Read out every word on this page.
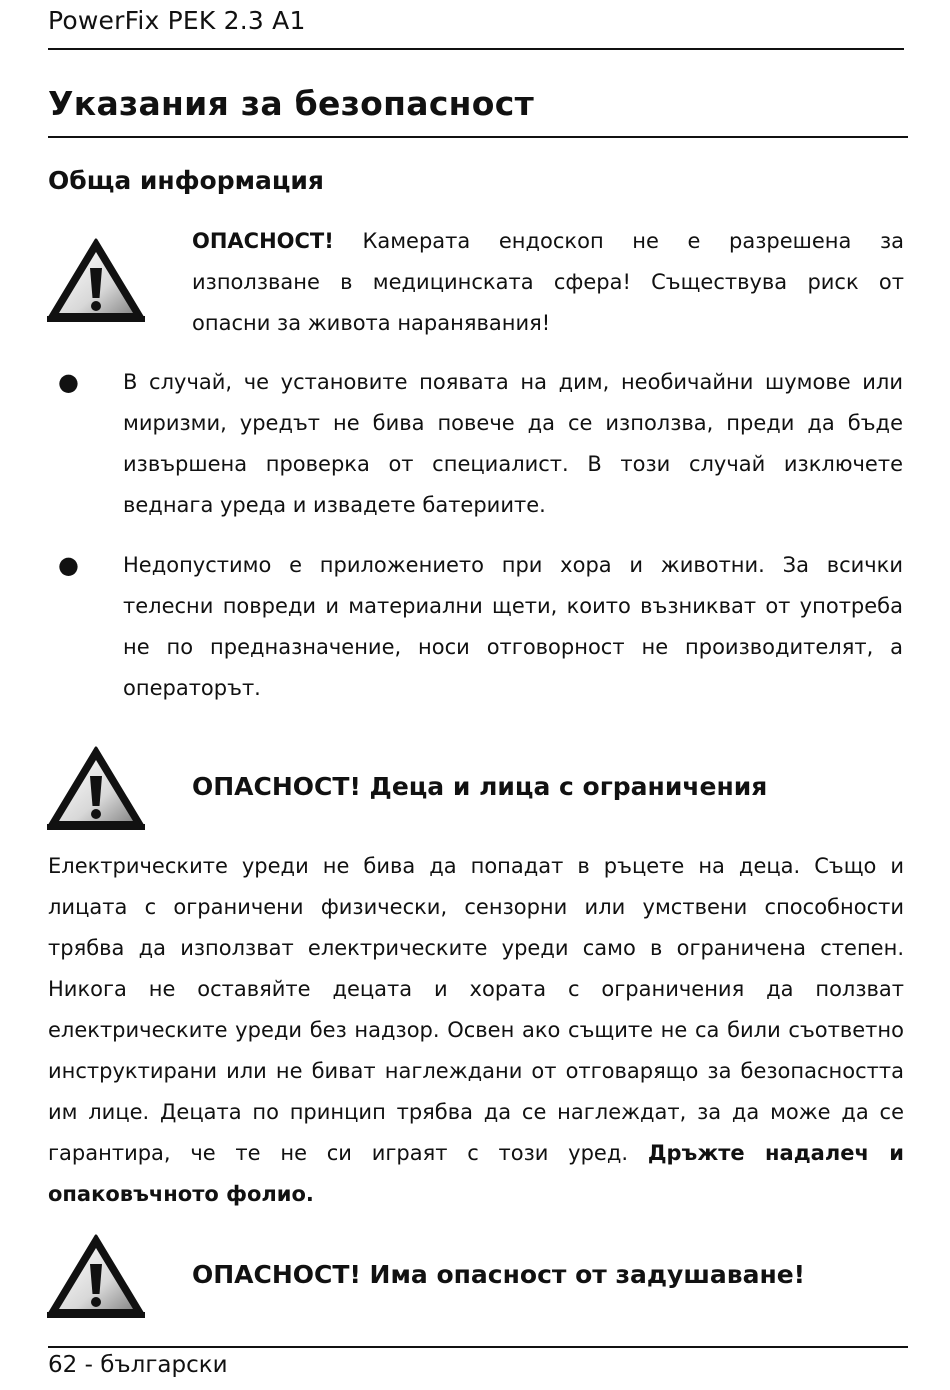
PowerFix PEK 2.3 A1
Указания за безопасност
Обща информация

ОПАСНОСТ! Камерата ендоскоп не е разрешена за използване в медицинската сфера! Съществува риск от опасни за живота наранявания!

● В случай, че установите появата на дим, необичайни шумове или миризми, уредът не бива повече да се използва, преди да бъде извършена проверка от специалист. В този случай изключете веднага уреда и извадете батериите.

● Недопустимо е приложението при хора и животни. За всички телесни повреди и материални щети, които възникват от употреба не по предназначение, носи отговорност не производителят, а операторът.

ОПАСНОСТ! Деца и лица с ограничения

Електрическите уреди не бива да попадат в ръцете на деца. Също и лицата с ограничени физически, сензорни или умствени способности трябва да използват електрическите уреди само в ограничена степен. Никога не оставяйте децата и хората с ограничения да ползват електрическите уреди без надзор. Освен ако същите не са били съответно инструктирани или не биват наглеждани от отговарящо за безопасността им лице. Децата по принцип трябва да се наглеждат, за да може да се гарантира, че те не си играят с този уред. Дръжте надалеч и опаковъчното фолио.

ОПАСНОСТ! Има опасност от задушаване!
62 - български
